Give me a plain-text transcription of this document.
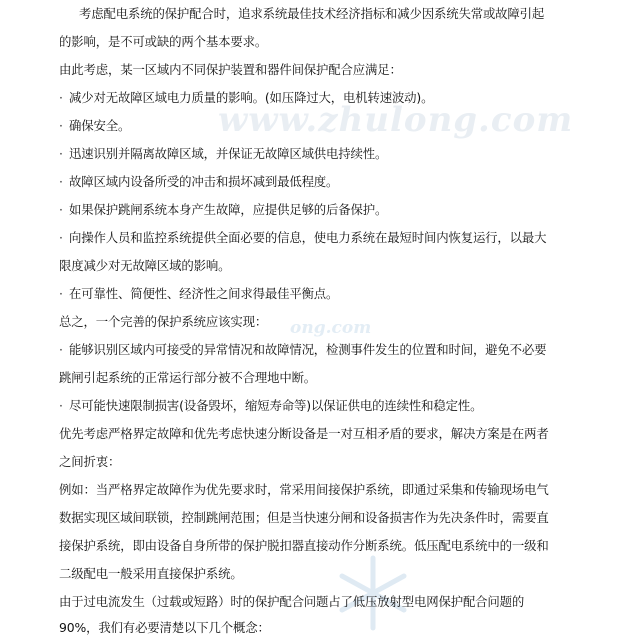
www.zhulong.com
ong.com
考虑配电系统的保护配合时，追求系统最佳技术经济指标和减少因系统失常或故障引起
的影响，是不可或缺的两个基本要求。
由此考虑，某一区域内不同保护装置和器件间保护配合应满足：
· 减少对无故障区域电力质量的影响。(如压降过大，电机转速波动)。
· 确保安全。
· 迅速识别并隔离故障区域，并保证无故障区域供电持续性。
· 故障区域内设备所受的冲击和损坏减到最低程度。
· 如果保护跳闸系统本身产生故障，应提供足够的后备保护。
· 向操作人员和监控系统提供全面必要的信息，使电力系统在最短时间内恢复运行，以最大
限度减少对无故障区域的影响。
· 在可靠性、简便性、经济性之间求得最佳平衡点。
总之，一个完善的保护系统应该实现：
· 能够识别区域内可接受的异常情况和故障情况，检测事件发生的位置和时间，避免不必要
跳闸引起系统的正常运行部分被不合理地中断。
· 尽可能快速限制损害(设备毁坏，缩短寿命等)以保证供电的连续性和稳定性。
优先考虑严格界定故障和优先考虑快速分断设备是一对互相矛盾的要求，解决方案是在两者
之间折衷：
例如：当严格界定故障作为优先要求时，常采用间接保护系统，即通过采集和传输现场电气
数据实现区域间联锁，控制跳闸范围；但是当快速分闸和设备损害作为先决条件时，需要直
接保护系统，即由设备自身所带的保护脱扣器直接动作分断系统。低压配电系统中的一级和
二级配电一般采用直接保护系统。
由于过电流发生（过载或短路）时的保护配合问题占了低压放射型电网保护配合问题的
90%，我们有必要清楚以下几个概念：
